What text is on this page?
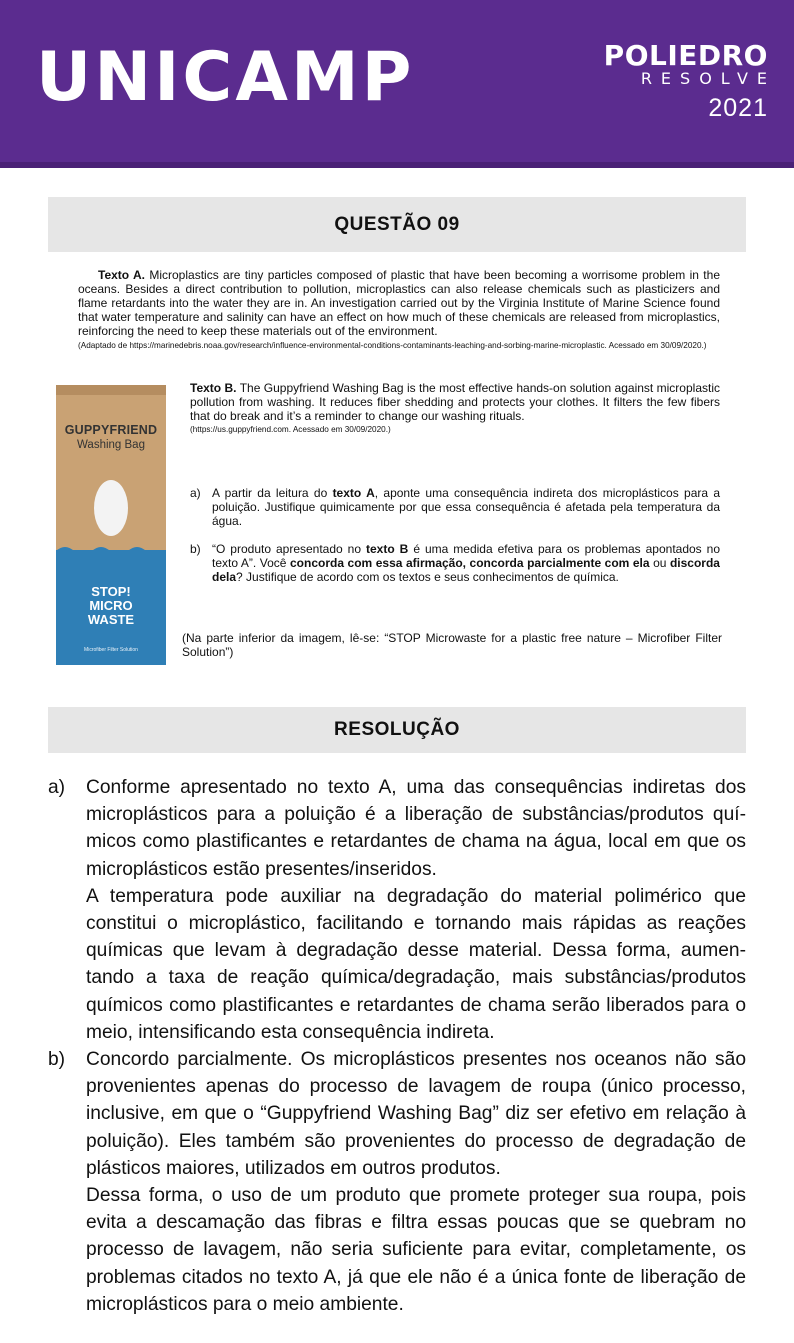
UNICAMP	POLIEDRO
RESOLVE
2021
QUESTÃO 09
Texto A. Microplastics are tiny particles composed of plastic that have been becoming a worrisome problem in the oceans. Besides a direct contribution to pollution, microplastics can also release chemicals such as plasticizers and flame retardants into the water they are in. An investigation carried out by the Virginia Institute of Marine Science found that water temperature and salinity can have an effect on how much of these chemicals are released from microplastics, reinforcing the need to keep these materials out of the environment.
(Adaptado de https://marinedebris.noaa.gov/research/influence-environmental-conditions-contaminants-leaching-and-sorbing-marine-microplastic. Acessado em 30/09/2020.)
GUPPYFRIEND
Washing Bag
STOP!
MICRO
WASTE
Microfiber Filter Solution
Texto B. The Guppyfriend Washing Bag is the most effective hands-on solution against microplastic pollution from washing. It reduces fiber shedding and protects your clothes. It filters the few fibers that do break and it’s a reminder to change our washing rituals.
(https://us.guppyfriend.com. Acessado em 30/09/2020.)
a) A partir da leitura do texto A, aponte uma consequência indireta dos microplásticos para a poluição. Justifique quimicamente por que essa consequência é afetada pela temperatura da água.
b) “O produto apresentado no texto B é uma medida efetiva para os problemas apontados no texto A”. Você concorda com essa afirmação, concorda parcialmente com ela ou discorda dela? Justifique de acordo com os textos e seus conhecimentos de química.
(Na parte inferior da imagem, lê-se: “STOP Microwaste for a plastic free nature – Microfiber Filter Solution”)
RESOLUÇÃO
a)	Conforme apresentado no texto A, uma das consequências indiretas dos microplásticos para a poluição é a liberação de substâncias/produtos químicos como plastificantes e retardantes de chama na água, local em que os microplásticos estão presentes/inseridos.

A temperatura pode auxiliar na degradação do material polimérico que constitui o microplástico, facilitando e tornando mais rápidas as reações químicas que levam à degradação desse material. Dessa forma, aumentando a taxa de reação química/degradação, mais substâncias/produtos químicos como plastificantes e retardantes de chama serão liberados para o meio, intensificando esta consequência indireta.

b)	Concordo parcialmente. Os microplásticos presentes nos oceanos não são provenientes apenas do processo de lavagem de roupa (único processo, inclusive, em que o “Guppyfriend Washing Bag” diz ser efetivo em relação à poluição). Eles também são provenientes do processo de degradação de plásticos maiores, utilizados em outros produtos.

Dessa forma, o uso de um produto que promete proteger sua roupa, pois evita a descamação das fibras e filtra essas poucas que se quebram no processo de lavagem, não seria suficiente para evitar, completamente, os problemas citados no texto A, já que ele não é a única fonte de liberação de microplásticos para o meio ambiente.
